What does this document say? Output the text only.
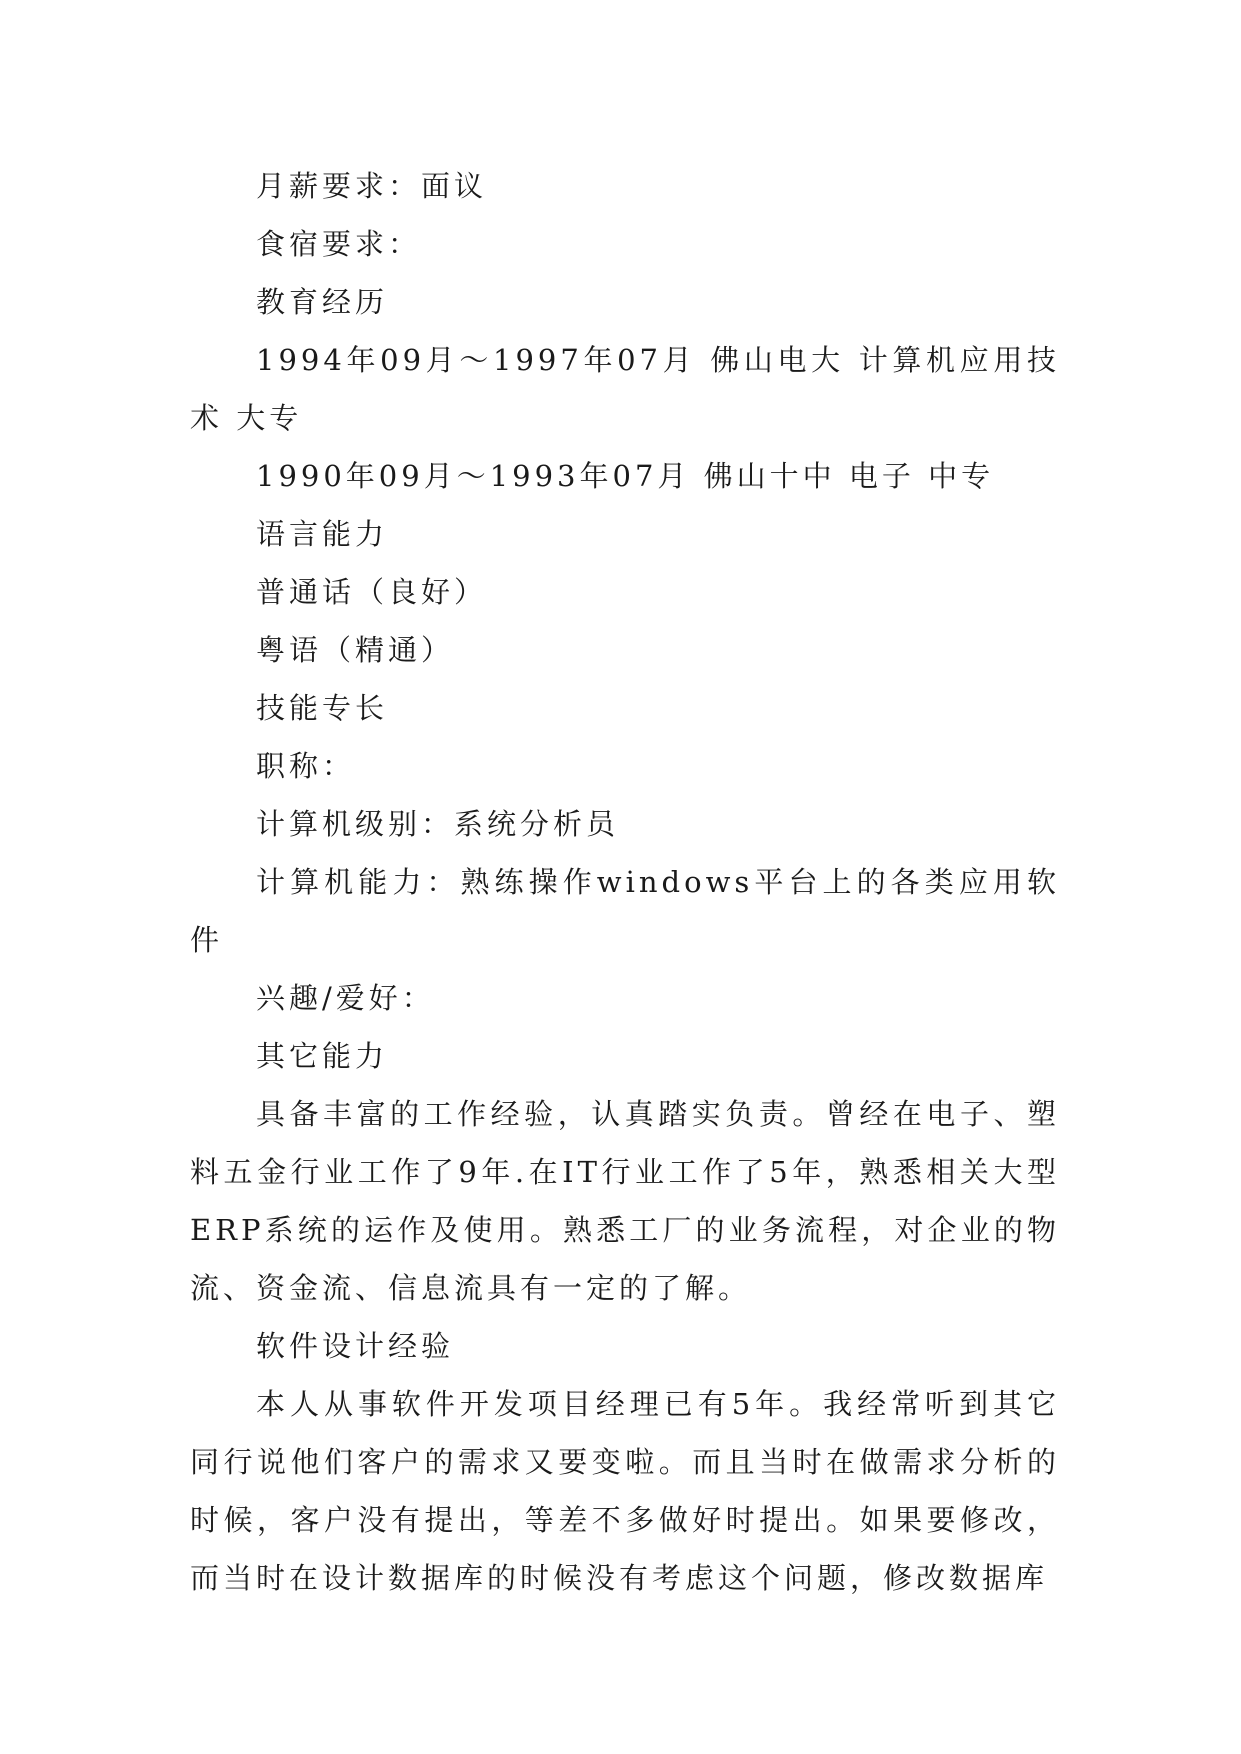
月薪要求：面议

食宿要求：

教育经历

1994年09月～1997年07月 佛山电大 计算机应用技术 大专

1990年09月～1993年07月 佛山十中 电子 中专

语言能力

普通话（良好）

粤语（精通）

技能专长

职称：

计算机级别：系统分析员

计算机能力：熟练操作windows平台上的各类应用软件

兴趣/爱好：

其它能力

具备丰富的工作经验，认真踏实负责。曾经在电子、塑料五金行业工作了9年.在IT行业工作了5年，熟悉相关大型ERP系统的运作及使用。熟悉工厂的业务流程，对企业的物流、资金流、信息流具有一定的了解。

软件设计经验

本人从事软件开发项目经理已有5年。我经常听到其它同行说他们客户的需求又要变啦。而且当时在做需求分析的时候，客户没有提出，等差不多做好时提出。如果要修改，而当时在设计数据库的时候没有考虑这个问题，修改数据库
